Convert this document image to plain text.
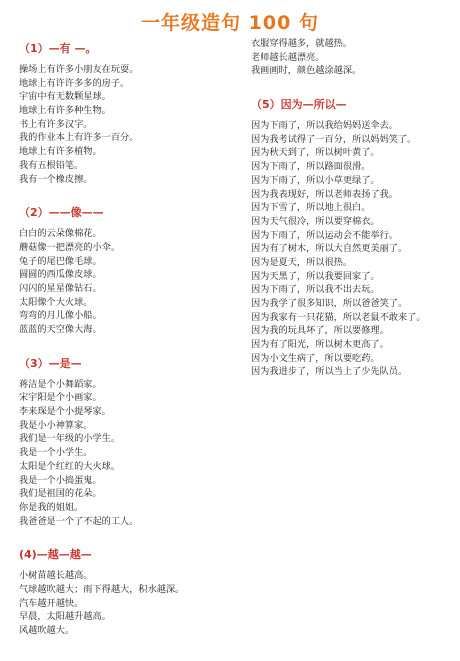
一年级造句 100 句
（1）—有 —。
操场上有许多小朋友在玩耍。
地球上有许许多多的房子。
宇宙中有无数颗星球。
地球上有许多种生物。
书上有许多汉字。
我的作业本上有许多一百分。
地球上有许多植物。
我有五根铅笔。
我有一个橡皮擦。
（2）——像——
白白的云朵像棉花。
蘑菇像一把漂亮的小伞。
兔子的尾巴像毛球。
圆圆的西瓜像皮球。
闪闪的星星像钻石。
太阳像个大火球。
弯弯的月儿像小船。
蓝蓝的天空像大海。
（3）—是—
蒋洁是个小舞蹈家。
宋宇阳是个小画家。
李来琛是个小提琴家。
我是小小神算家。
我们是一年级的小学生。
我是一个小学生。
太阳是个红红的大火球。
我是一个小捣蛋鬼。
我们是祖国的花朵。
你是我的姐姐。
我爸爸是一个了不起的工人。
(4)—越—越—
小树苗越长越高。
气球越吹越大；雨下得越大，积水越深。
汽车越开越快。
早晨，太阳越升越高。
风越吹越大。
衣服穿得越多，就越热。
老师越长越漂亮。
我画画时，颜色越涂越深。
（5）因为—所以—
因为下雨了，所以我给妈妈送伞去。
因为我考试得了一百分，所以妈妈笑了。
因为秋天到了，所以树叶黄了。
因为下雨了，所以路面很滑。
因为下雨了，所以小草更绿了。
因为我表现好，所以老师表扬了我。
因为下雪了，所以地上很白。
因为天气很冷，所以要穿棉衣。
因为下雨了，所以运动会不能举行。
因为有了树木，所以大自然更美丽了。
因为是夏天，所以很热。
因为天黑了，所以我要回家了。
因为下雨了，所以我不出去玩。
因为我学了很多知识，所以爸爸笑了。
因为我家有一只花猫，所以老鼠不敢来了。
因为我的玩具坏了，所以要修理。
因为有了阳光，所以树木更高了。
因为小文生病了，所以要吃药。
因为我进步了，所以当上了少先队员。
